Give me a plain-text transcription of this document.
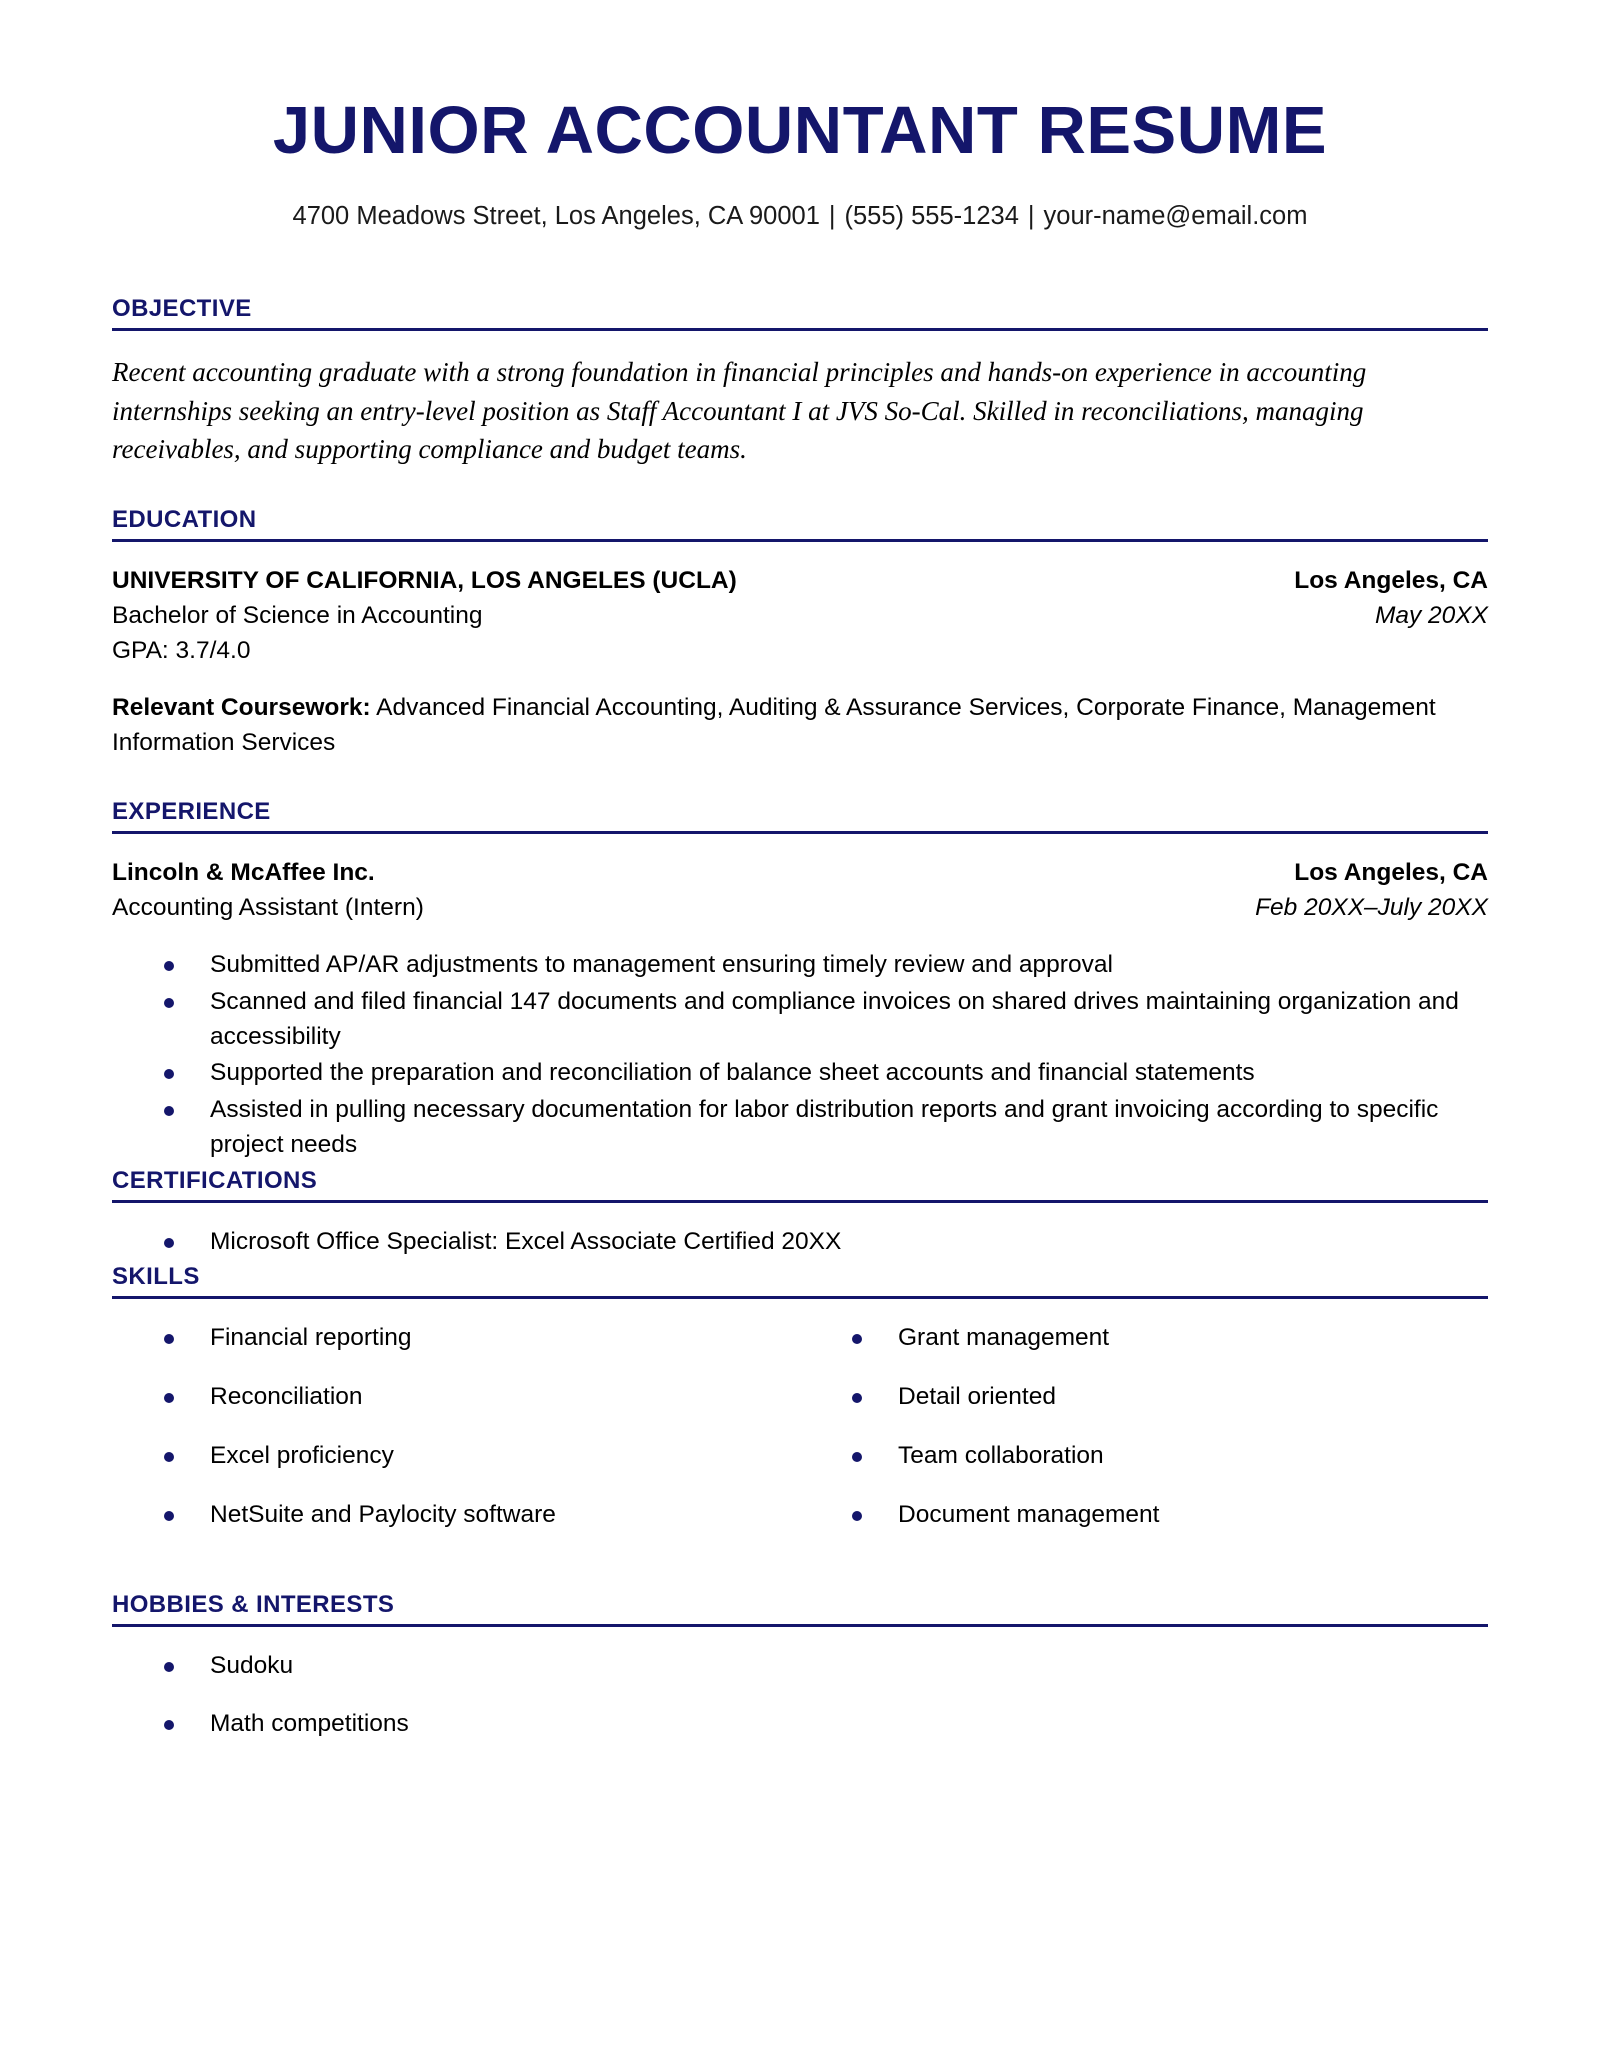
JUNIOR ACCOUNTANT RESUME
4700 Meadows Street, Los Angeles, CA 90001 | (555) 555-1234 | your-name@email.com
OBJECTIVE

Recent accounting graduate with a strong foundation in financial principles and hands-on experience in accounting internships seeking an entry-level position as Staff Accountant I at JVS So-Cal. Skilled in reconciliations, managing receivables, and supporting compliance and budget teams.

EDUCATION
UNIVERSITY OF CALIFORNIA, LOS ANGELES (UCLA)	Los Angeles, CA
Bachelor of Science in Accounting	May 20XX
GPA: 3.7/4.0
Relevant Coursework: Advanced Financial Accounting, Auditing & Assurance Services, Corporate Finance, Management Information Services
EXPERIENCE
Lincoln & McAffee Inc.	Los Angeles, CA
Accounting Assistant (Intern)	Feb 20XX–July 20XX
Submitted AP/AR adjustments to management ensuring timely review and approval
Scanned and filed financial 147 documents and compliance invoices on shared drives maintaining organization and accessibility
Supported the preparation and reconciliation of balance sheet accounts and financial statements
Assisted in pulling necessary documentation for labor distribution reports and grant invoicing according to specific project needs
CERTIFICATIONS
Microsoft Office Specialist: Excel Associate Certified 20XX
SKILLS
Financial reporting
Reconciliation
Excel proficiency
NetSuite and Paylocity software
Grant management
Detail oriented
Team collaboration
Document management
HOBBIES & INTERESTS
Sudoku
Math competitions
